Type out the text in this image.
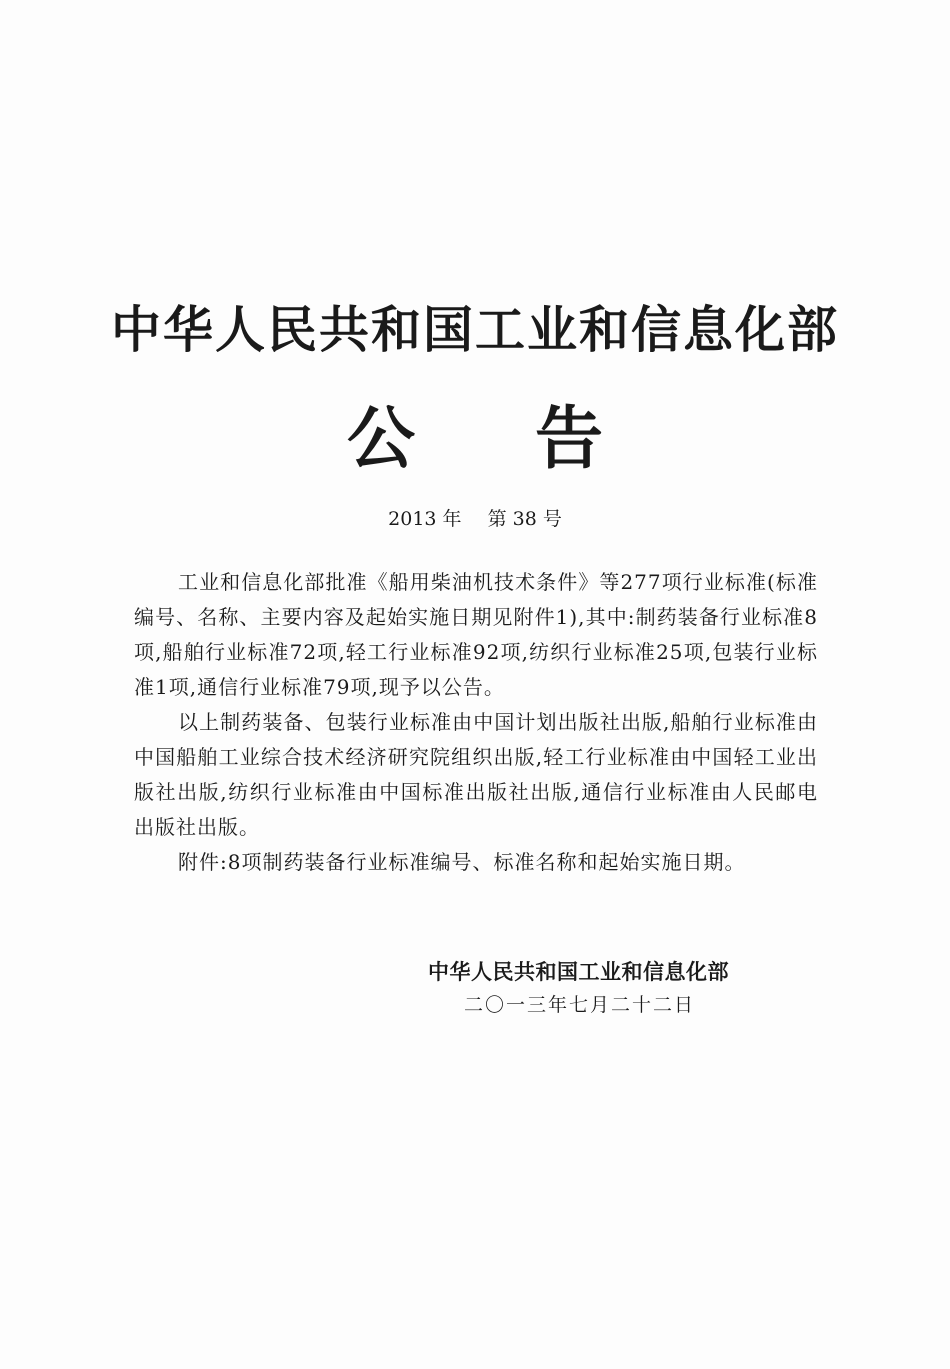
中华人民共和国工业和信息化部
公告
2013 年 第 38 号

工业和信息化部批准《船用柴油机技术条件》等277项行业标准(标准编号、名称、主要内容及起始实施日期见附件1),其中:制药装备行业标准8项,船舶行业标准72项,轻工行业标准92项,纺织行业标准25项,包装行业标准1项,通信行业标准79项,现予以公告。

以上制药装备、包装行业标准由中国计划出版社出版,船舶行业标准由中国船舶工业综合技术经济研究院组织出版,轻工行业标准由中国轻工业出版社出版,纺织行业标准由中国标准出版社出版,通信行业标准由人民邮电出版社出版。

附件:8项制药装备行业标准编号、标准名称和起始实施日期。

中华人民共和国工业和信息化部
二〇一三年七月二十二日
